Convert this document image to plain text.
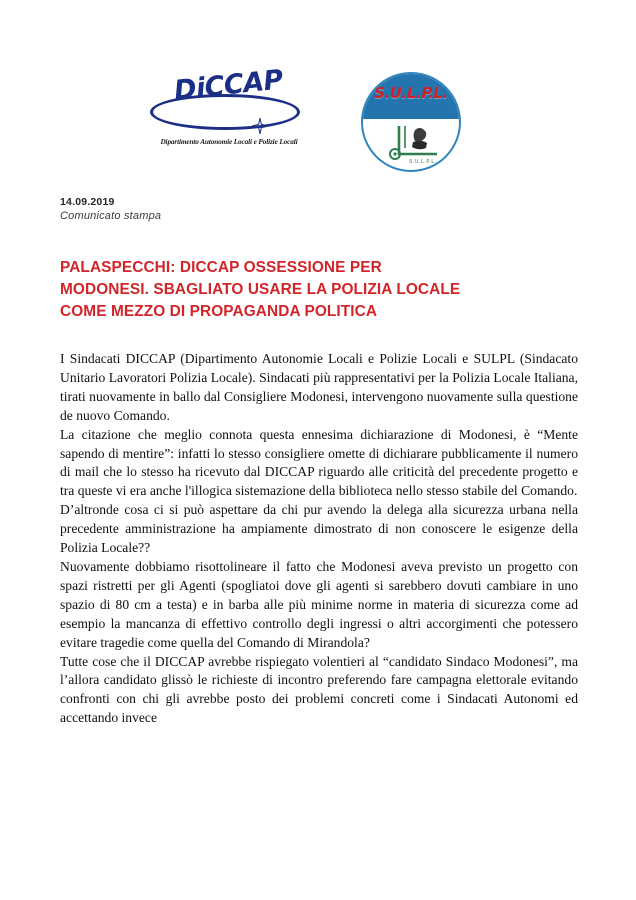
DiCCAP
Dipartimento Autonomie Locali e Polizie Locali
S.U.L.P.L.
S.U.L.P.L.
14.09.2019
Comunicato stampa
PALASPECCHI: DICCAP OSSESSIONE PER
MODONESI. SBAGLIATO USARE LA POLIZIA LOCALE
COME MEZZO DI PROPAGANDA POLITICA

I Sindacati DICCAP (Dipartimento Autonomie Locali e Polizie Locali e SULPL (Sindacato Unitario Lavoratori Polizia Locale). Sindacati più rappresentativi per la Polizia Locale Italiana, tirati nuovamente in ballo dal Consigliere Modonesi, intervengono nuovamente sulla questione de nuovo Comando.

La citazione che meglio connota questa ennesima dichiarazione di Modonesi, è “Mente sapendo di mentire”: infatti lo stesso consigliere omette di dichiarare pubblicamente il numero di mail che lo stesso ha ricevuto dal DICCAP riguardo alle criticità del precedente progetto e tra queste vi era anche l'illogica sistemazione della biblioteca nello stesso stabile del Comando.

D’altronde cosa ci si può aspettare da chi pur avendo la delega alla sicurezza urbana nella precedente amministrazione ha ampiamente dimostrato di non conoscere le esigenze della Polizia Locale??

Nuovamente dobbiamo risottolineare il fatto che Modonesi aveva previsto un progetto con spazi ristretti per gli Agenti (spogliatoi dove gli agenti si sarebbero dovuti cambiare in uno spazio di 80 cm a testa) e in barba alle più minime norme in materia di sicurezza come ad esempio la mancanza di effettivo controllo degli ingressi o altri accorgimenti che potessero evitare tragedie come quella del Comando di Mirandola?

Tutte cose che il DICCAP avrebbe rispiegato volentieri al “candidato Sindaco Modonesi”, ma l’allora candidato glissò le richieste di incontro preferendo fare campagna elettorale evitando confronti con chi gli avrebbe posto dei problemi concreti come i Sindacati Autonomi ed accettando invece
